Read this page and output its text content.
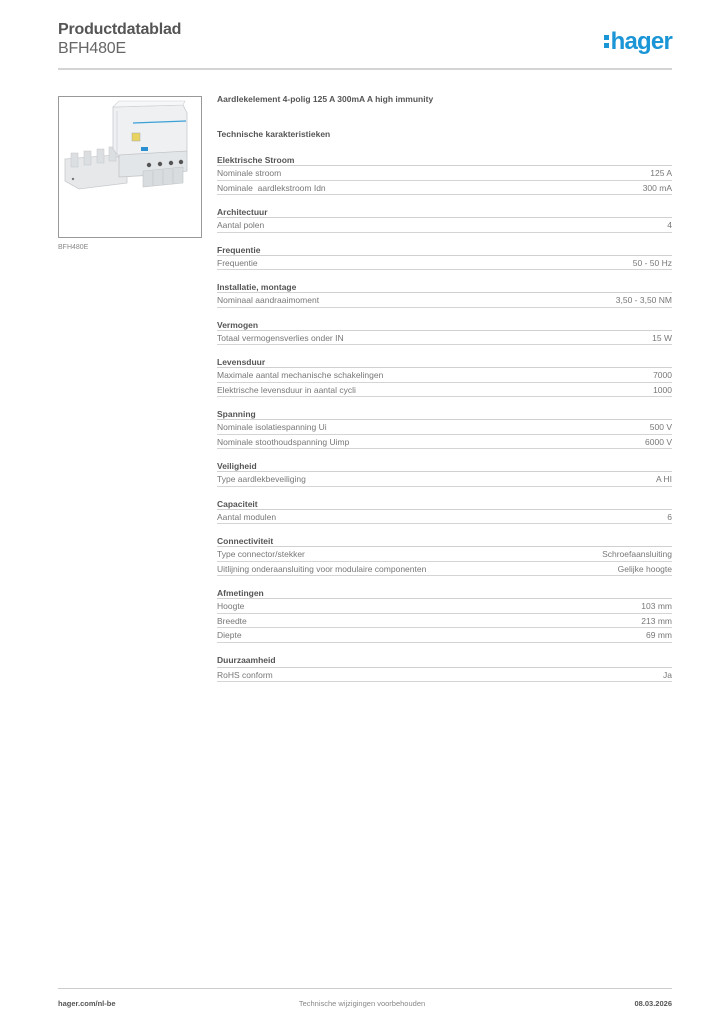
Productdatablad
BFH480E	hager
BFH480E
Aardlekelement 4-polig 125 A 300mA A high immunity
Technische karakteristieken
Elektrische Stroom
Nominale stroom	125 A
Nominale  aardlekstroom Idn	300 mA
Architectuur
Aantal polen	4
Frequentie
Frequentie	50 - 50 Hz
Installatie, montage
Nominaal aandraaimoment	3,50 - 3,50 NM
Vermogen
Totaal vermogensverlies onder IN	15 W
Levensduur
Maximale aantal mechanische schakelingen	7000
Elektrische levensduur in aantal cycli	1000
Spanning
Nominale isolatiespanning Ui	500 V
Nominale stoothoudspanning Uimp	6000 V
Veiligheid
Type aardlekbeveiliging	A HI
Capaciteit
Aantal modulen	6
Connectiviteit
Type connector/stekker	Schroefaansluiting
Uitlijning onderaansluiting voor modulaire componenten	Gelijke hoogte
Afmetingen
Hoogte	103 mm
Breedte	213 mm
Diepte	69 mm
Duurzaamheid
RoHS conform	Ja
hager.com/nl-be	Technische wijzigingen voorbehouden	08.03.2026
